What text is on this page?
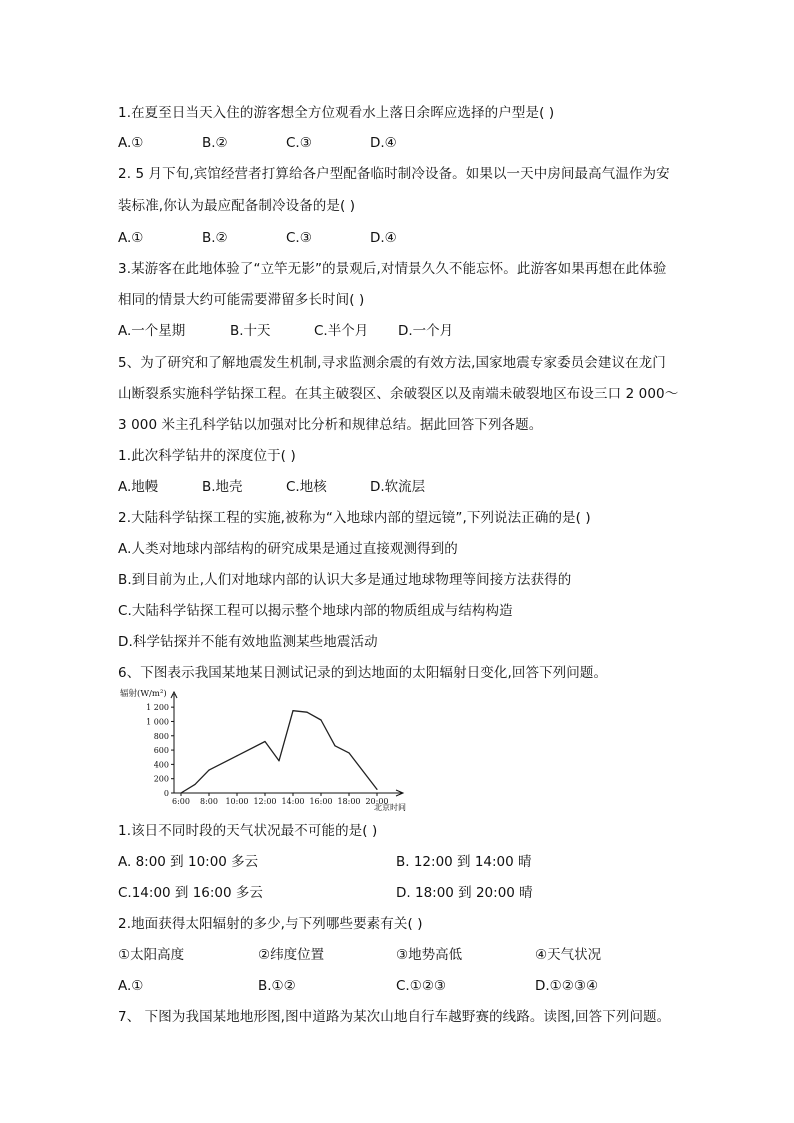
1.在夏至日当天入住的游客想全方位观看水上落日余晖应选择的户型是( )
A.①	B.②	C.③	D.④
2. 5 月下旬,宾馆经营者打算给各户型配备临时制冷设备。如果以一天中房间最高气温作为安
装标准,你认为最应配备制冷设备的是( )
A.①	B.②	C.③	D.④
3.某游客在此地体验了“立竿无影”的景观后,对情景久久不能忘怀。此游客如果再想在此体验
相同的情景大约可能需要滞留多长时间( )
A.一个星期	B.十天	C.半个月 D.一个月
5、为了研究和了解地震发生机制,寻求监测余震的有效方法,国家地震专家委员会建议在龙门
山断裂系实施科学钻探工程。在其主破裂区、余破裂区以及南端未破裂地区布设三口 2 000～
3 000 米主孔科学钻以加强对比分析和规律总结。据此回答下列各题。
1.此次科学钻井的深度位于( )
A.地幔	B.地壳	C.地核	D.软流层
2.大陆科学钻探工程的实施,被称为“入地球内部的望远镜”,下列说法正确的是( )
A.人类对地球内部结构的研究成果是通过直接观测得到的
B.到目前为止,人们对地球内部的认识大多是通过地球物理等间接方法获得的
C.大陆科学钻探工程可以揭示整个地球内部的物质组成与结构构造
D.科学钻探并不能有效地监测某些地震活动
6、下图表示我国某地某日测试记录的到达地面的太阳辐射日变化,回答下列问题。
0
200
400
600
800
1 000
1 200
6:00 8:00 10:00 12:00 14:00 16:00 18:00 20:00
辐射(W/m²)
北京时间
1.该日不同时段的天气状况最不可能的是( )
A. 8:00 到 10:00 多云	B. 12:00 到 14:00 晴
C.14:00 到 16:00 多云	D. 18:00 到 20:00 晴
2.地面获得太阳辐射的多少,与下列哪些要素有关( )
①太阳高度	②纬度位置	③地势高低	④天气状况
A.①	B.①②	C.①②③	D.①②③④
7、 下图为我国某地地形图,图中道路为某次山地自行车越野赛的线路。读图,回答下列问题。
